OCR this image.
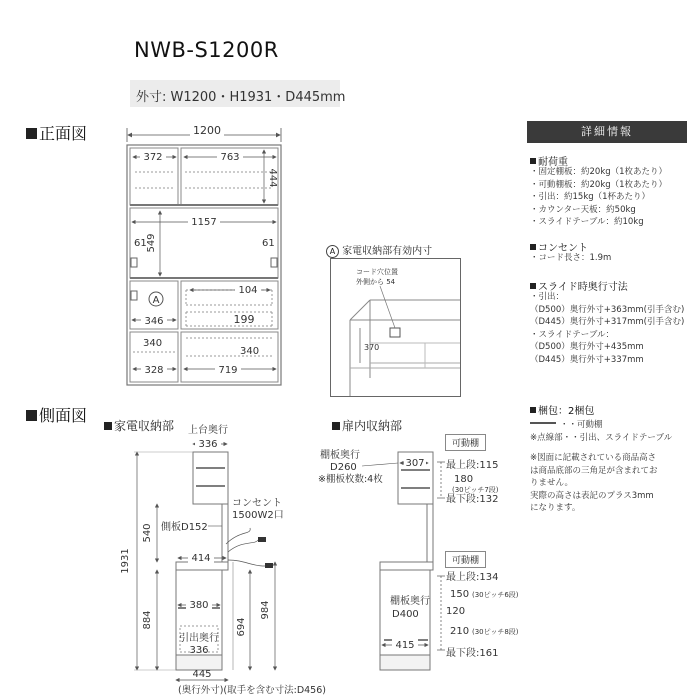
NWB-S1200R
外寸: W1200・H1931・D445mm
正面図
側面図
1200
372	763
444
1157
549
61	61
A
104
199
346
340
340
328	719
A 家電収納部有効内寸
370
コード穴位置
外側から 54
家電収納部 上台奥行
336
1931
540
884
側板D152
414
コンセント
1500W2口
380
引出奥行
336
694
984
445
(奥行外寸)(取手を含む寸法:D456)
扉内収納部
可動棚
可動棚
棚板奥行
D260
※棚板枚数:4枚
307 最上段:115
180
(30ピッチ7段)
最下段:132
棚板奥行
D400
最上段:134
150 (30ピッチ6段)
120
210 (30ピッチ8段)
415
最下段:161
詳細情報
耐荷重
・固定棚板：約20kg（1枚あたり）
・可動棚板：約20kg（1枚あたり）
・引出：約15kg（1杯あたり）
・カウンター天板：約50kg
・スライドテーブル：約10kg
コンセント
・コード長さ：1.9m
スライド時奥行寸法
・引出：
（D500）奥行外寸+363mm(引手含む)
（D445）奥行外寸+317mm(引手含む)
・スライドテーブル：
（D500）奥行外寸+435mm
（D445）奥行外寸+337mm
梱包：2梱包
・・可動棚
※点線部・・引出、スライドテーブル
※図面に記載されている商品高さ
は商品底部の三角足が含まれてお
りません。
実際の高さは表記のプラス3mm
になります。
